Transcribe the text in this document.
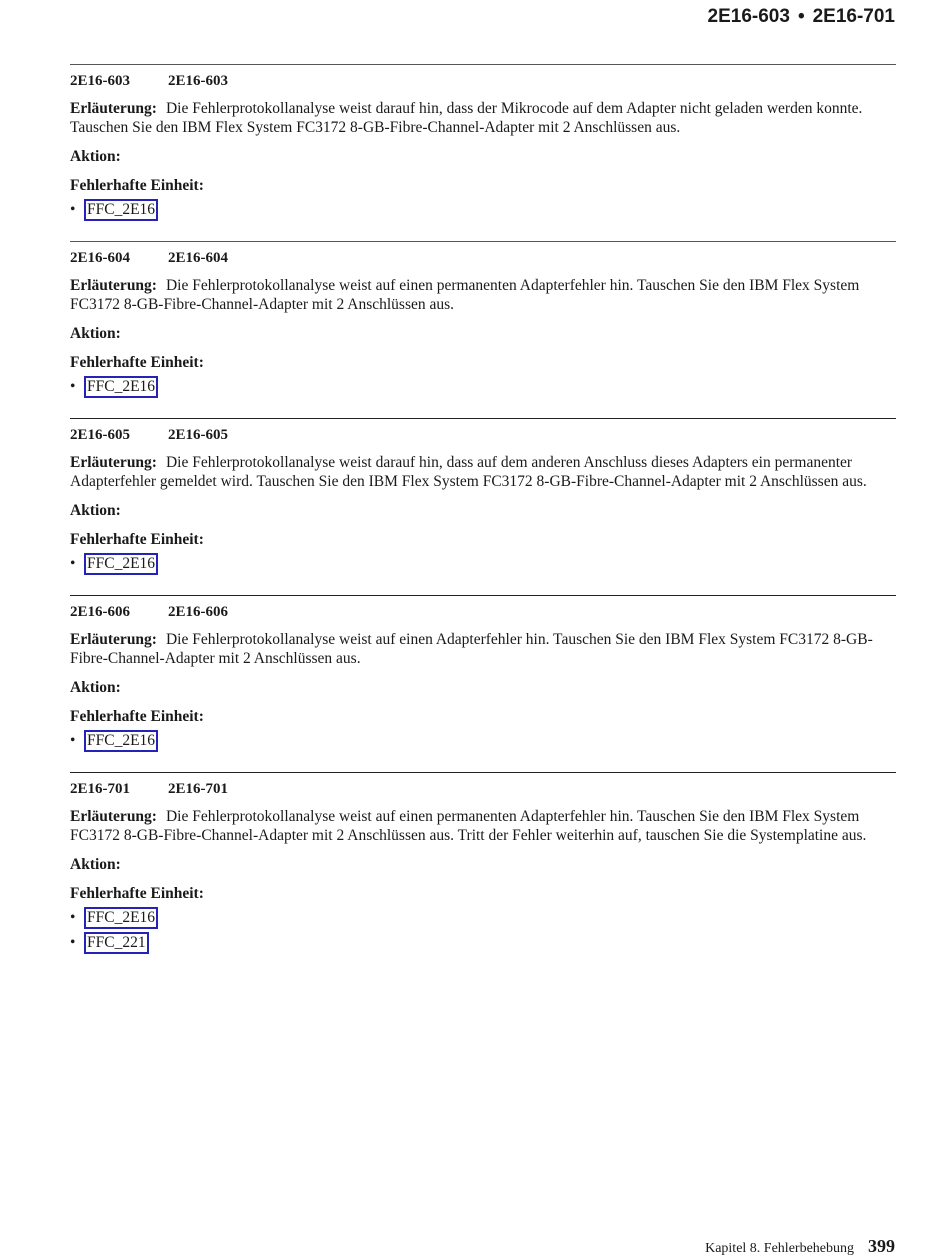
2E16-603 • 2E16-701
2E16-603	2E16-603

Erläuterung: Die Fehlerprotokollanalyse weist darauf hin, dass der Mikrocode auf dem Adapter nicht geladen werden konnte. Tauschen Sie den IBM Flex System FC3172 8-GB-Fibre-Channel-Adapter mit 2 Anschlüssen aus.

Aktion:

Fehlerhafte Einheit:

• FFC_2E16
2E16-604	2E16-604

Erläuterung: Die Fehlerprotokollanalyse weist auf einen permanenten Adapterfehler hin. Tauschen Sie den IBM Flex System FC3172 8-GB-Fibre-Channel-Adapter mit 2 Anschlüssen aus.

Aktion:

Fehlerhafte Einheit:

• FFC_2E16
2E16-605	2E16-605

Erläuterung: Die Fehlerprotokollanalyse weist darauf hin, dass auf dem anderen Anschluss dieses Adapters ein permanenter Adapterfehler gemeldet wird. Tauschen Sie den IBM Flex System FC3172 8-GB-Fibre-Channel-Adapter mit 2 Anschlüssen aus.

Aktion:

Fehlerhafte Einheit:

• FFC_2E16
2E16-606	2E16-606

Erläuterung: Die Fehlerprotokollanalyse weist auf einen Adapterfehler hin. Tauschen Sie den IBM Flex System FC3172 8-GB-Fibre-Channel-Adapter mit 2 Anschlüssen aus.

Aktion:

Fehlerhafte Einheit:

• FFC_2E16
2E16-701	2E16-701

Erläuterung: Die Fehlerprotokollanalyse weist auf einen permanenten Adapterfehler hin. Tauschen Sie den IBM Flex System FC3172 8-GB-Fibre-Channel-Adapter mit 2 Anschlüssen aus. Tritt der Fehler weiterhin auf, tauschen Sie die Systemplatine aus.

Aktion:

Fehlerhafte Einheit:

• FFC_2E16
• FFC_221
Kapitel 8. Fehlerbehebung 399
